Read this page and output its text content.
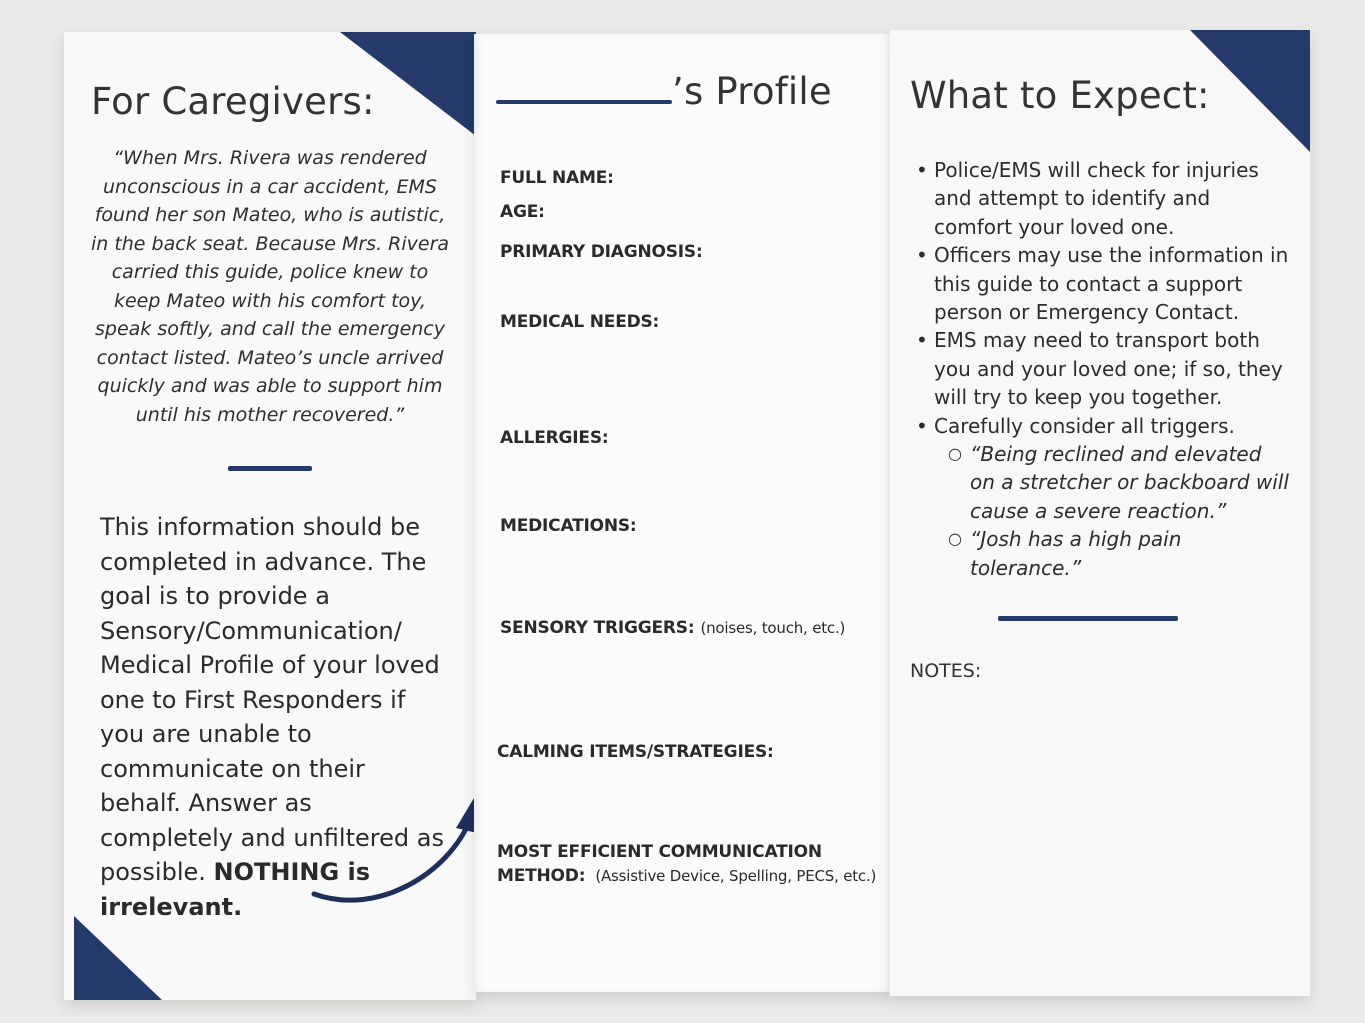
For Caregivers:
“When Mrs. Rivera was rendered unconscious in a car accident, EMS found her son Mateo, who is autistic, in the back seat. Because Mrs. Rivera carried this guide, police knew to keep Mateo with his comfort toy, speak softly, and call the emergency contact listed. Mateo’s uncle arrived quickly and was able to support him until his mother recovered.”
This information should be completed in advance. The goal is to provide a Sensory/Communication/ Medical Profile of your loved one to First Responders if you are unable to communicate on their behalf. Answer as completely and unfiltered as possible. NOTHING is irrelevant.
’s Profile
FULL NAME:
AGE:
PRIMARY DIAGNOSIS:
MEDICAL NEEDS:
ALLERGIES:
MEDICATIONS:
SENSORY TRIGGERS: (noises, touch, etc.)
CALMING ITEMS/STRATEGIES:
MOST EFFICIENT COMMUNICATION
METHOD: (Assistive Device, Spelling, PECS, etc.)
What to Expect:
• Police/EMS will check for injuries and attempt to identify and comfort your loved one.
• Officers may use the information in this guide to contact a support person or Emergency Contact.
• EMS may need to transport both you and your loved one; if so, they will try to keep you together.
• Carefully consider all triggers.
○ “Being reclined and elevated on a stretcher or backboard will cause a severe reaction.”
○ “Josh has a high pain tolerance.”
NOTES:
